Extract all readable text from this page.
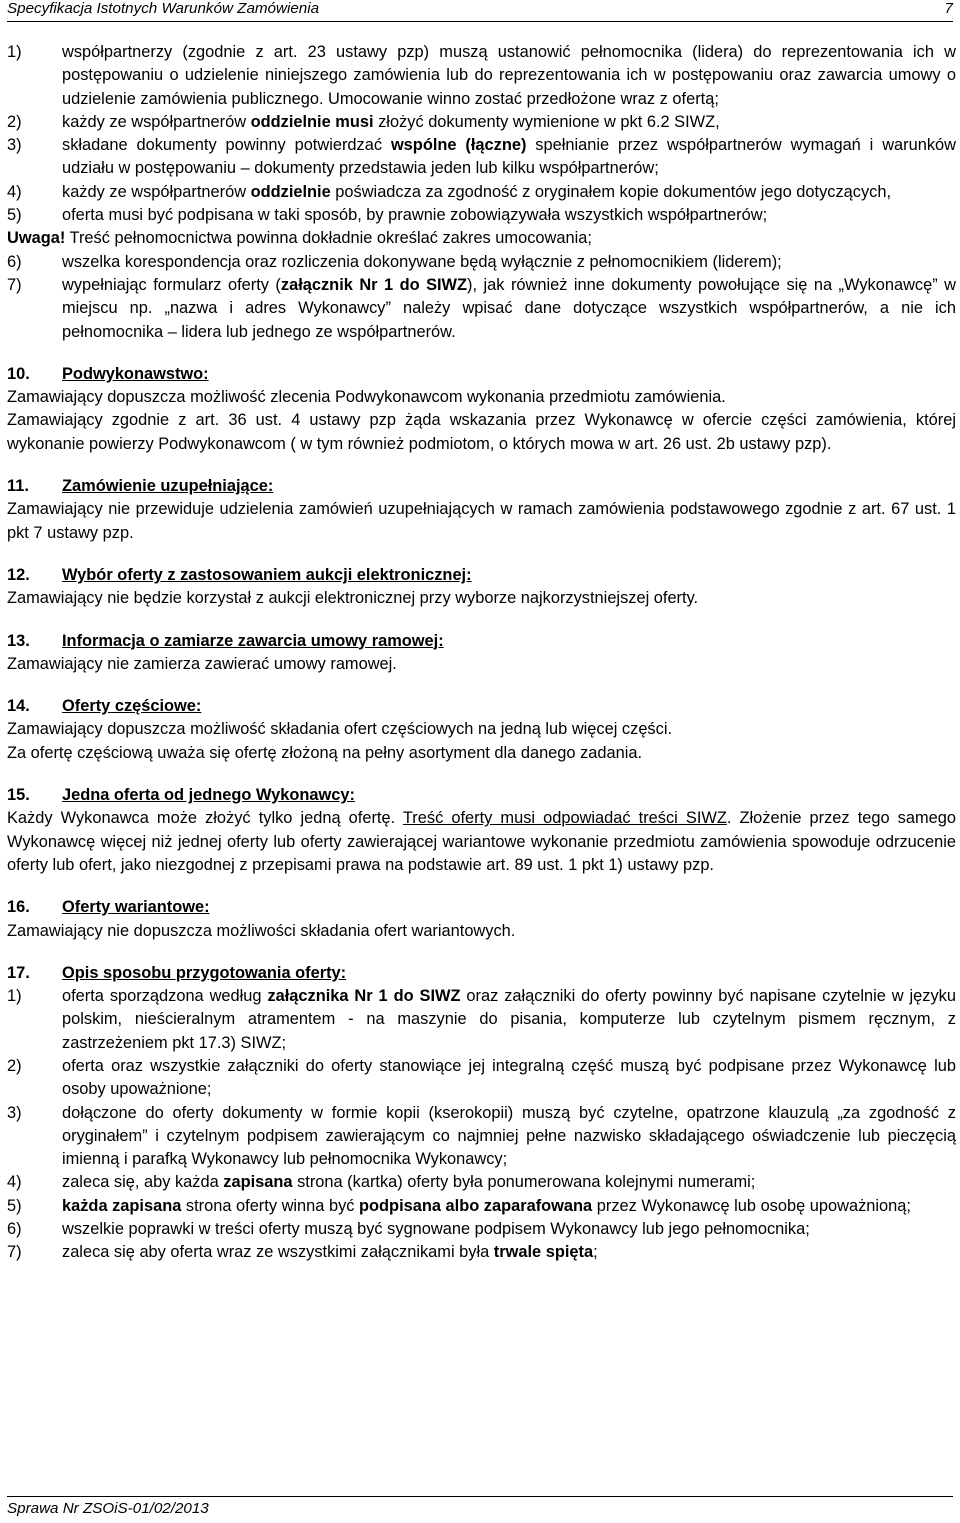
Specyfikacja Istotnych Warunków Zamówienia	7
1) współpartnerzy (zgodnie z art. 23 ustawy pzp) muszą ustanowić pełnomocnika (lidera) do reprezentowania ich w postępowaniu o udzielenie niniejszego zamówienia lub do reprezentowania ich w postępowaniu oraz zawarcia umowy o udzielenie zamówienia publicznego. Umocowanie winno zostać przedłożone wraz z ofertą;
2) każdy ze współpartnerów oddzielnie musi złożyć dokumenty wymienione w pkt 6.2 SIWZ,
3) składane dokumenty powinny potwierdzać wspólne (łączne) spełnianie przez współpartnerów wymagań i warunków udziału w postępowaniu – dokumenty przedstawia jeden lub kilku współpartnerów;
4) każdy ze współpartnerów oddzielnie poświadcza za zgodność z oryginałem kopie dokumentów jego dotyczących,
5) oferta musi być podpisana w taki sposób, by prawnie zobowiązywała wszystkich współpartnerów;
Uwaga! Treść pełnomocnictwa powinna dokładnie określać zakres umocowania;
6) wszelka korespondencja oraz rozliczenia dokonywane będą wyłącznie z pełnomocnikiem (liderem);
7) wypełniając formularz oferty (załącznik Nr 1 do SIWZ), jak również inne dokumenty powołujące się na „Wykonawcę” w miejscu np. „nazwa i adres Wykonawcy” należy wpisać dane dotyczące wszystkich współpartnerów, a nie ich pełnomocnika – lidera lub jednego ze współpartnerów.
10. Podwykonawstwo:
Zamawiający dopuszcza możliwość zlecenia Podwykonawcom wykonania przedmiotu zamówienia.
Zamawiający zgodnie z art. 36 ust. 4 ustawy pzp żąda wskazania przez Wykonawcę w ofercie części zamówienia, której wykonanie powierzy Podwykonawcom ( w tym również podmiotom, o których mowa w art. 26 ust. 2b ustawy pzp).
11. Zamówienie uzupełniające:
Zamawiający nie przewiduje udzielenia zamówień uzupełniających w ramach zamówienia podstawowego zgodnie z art. 67 ust. 1 pkt 7 ustawy pzp.
12. Wybór oferty z zastosowaniem aukcji elektronicznej:
Zamawiający nie będzie korzystał z aukcji elektronicznej przy wyborze najkorzystniejszej oferty.
13. Informacja o zamiarze zawarcia umowy ramowej:
Zamawiający nie zamierza zawierać umowy ramowej.
14. Oferty częściowe:
Zamawiający dopuszcza możliwość składania ofert częściowych na jedną lub więcej części.
Za ofertę częściową uważa się ofertę złożoną na pełny asortyment dla danego zadania.
15. Jedna oferta od jednego Wykonawcy:
Każdy Wykonawca może złożyć tylko jedną ofertę. Treść oferty musi odpowiadać treści SIWZ. Złożenie przez tego samego Wykonawcę więcej niż jednej oferty lub oferty zawierającej wariantowe wykonanie przedmiotu zamówienia spowoduje odrzucenie oferty lub ofert, jako niezgodnej z przepisami prawa na podstawie art. 89 ust. 1 pkt 1) ustawy pzp.
16. Oferty wariantowe:
Zamawiający nie dopuszcza możliwości składania ofert wariantowych.
17. Opis sposobu przygotowania oferty:
1) oferta sporządzona według załącznika Nr 1 do SIWZ oraz załączniki do oferty powinny być napisane czytelnie w języku polskim, nieścieralnym atramentem - na maszynie do pisania, komputerze lub czytelnym pismem ręcznym, z zastrzeżeniem pkt 17.3) SIWZ;
2) oferta oraz wszystkie załączniki do oferty stanowiące jej integralną część muszą być podpisane przez Wykonawcę lub osoby upoważnione;
3) dołączone do oferty dokumenty w formie kopii (kserokopii) muszą być czytelne, opatrzone klauzulą „za zgodność z oryginałem” i czytelnym podpisem zawierającym co najmniej pełne nazwisko składającego oświadczenie lub pieczęcią imienną i parafką Wykonawcy lub pełnomocnika Wykonawcy;
4) zaleca się, aby każda zapisana strona (kartka) oferty była ponumerowana kolejnymi numerami;
5) każda zapisana strona oferty winna być podpisana albo zaparafowana przez Wykonawcę lub osobę upoważnioną;
6) wszelkie poprawki w treści oferty muszą być sygnowane podpisem Wykonawcy lub jego pełnomocnika;
7) zaleca się aby oferta wraz ze wszystkimi załącznikami była trwale spięta;
Sprawa Nr ZSOiS-01/02/2013
